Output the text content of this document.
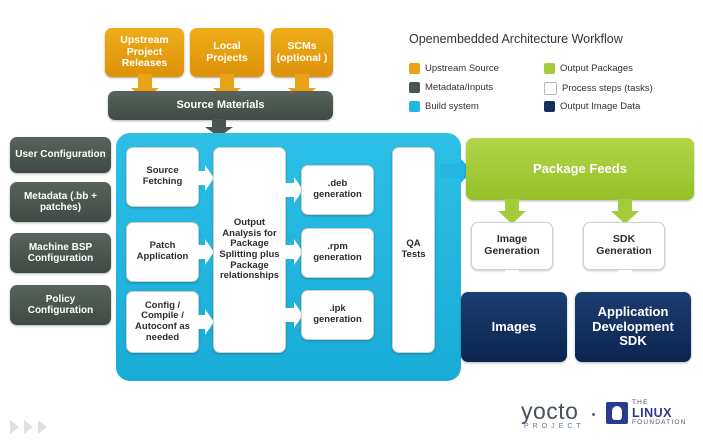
Openembedded Architecture Workflow
Upstream Source
Metadata/Inputs
Build system
Output Packages
Process steps (tasks)
Output Image Data
Upstream Project Releases
Local Projects
SCMs (optional )
Source Materials
User Configuration
Metadata (.bb + patches)
Machine BSP Configuration
Policy Configuration
Source Fetching
Patch Application
Config / Compile / Autoconf as needed
Output Analysis for Package Splitting plus Package relationships
.deb generation
.rpm generation
.ipk generation
QA Tests
Package Feeds
Image Generation
SDK Generation
Images
Application Development SDK
yocto
PROJECT
THE
LINUX
FOUNDATION
